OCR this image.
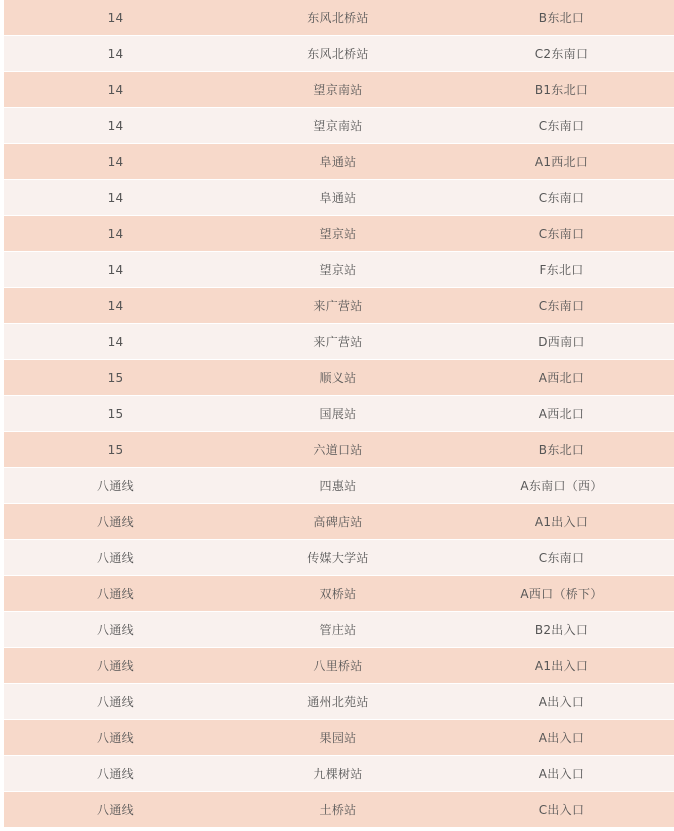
14	东风北桥站	B东北口
14	东风北桥站	C2东南口
14	望京南站	B1东北口
14	望京南站	C东南口
14	阜通站	A1西北口
14	阜通站	C东南口
14	望京站	C东南口
14	望京站	F东北口
14	来广营站	C东南口
14	来广营站	D西南口
15	顺义站	A西北口
15	国展站	A西北口
15	六道口站	B东北口
八通线	四惠站	A东南口（西）
八通线	高碑店站	A1出入口
八通线	传媒大学站	C东南口
八通线	双桥站	A西口（桥下）
八通线	管庄站	B2出入口
八通线	八里桥站	A1出入口
八通线	通州北苑站	A出入口
八通线	果园站	A出入口
八通线	九棵树站	A出入口
八通线	土桥站	C出入口
